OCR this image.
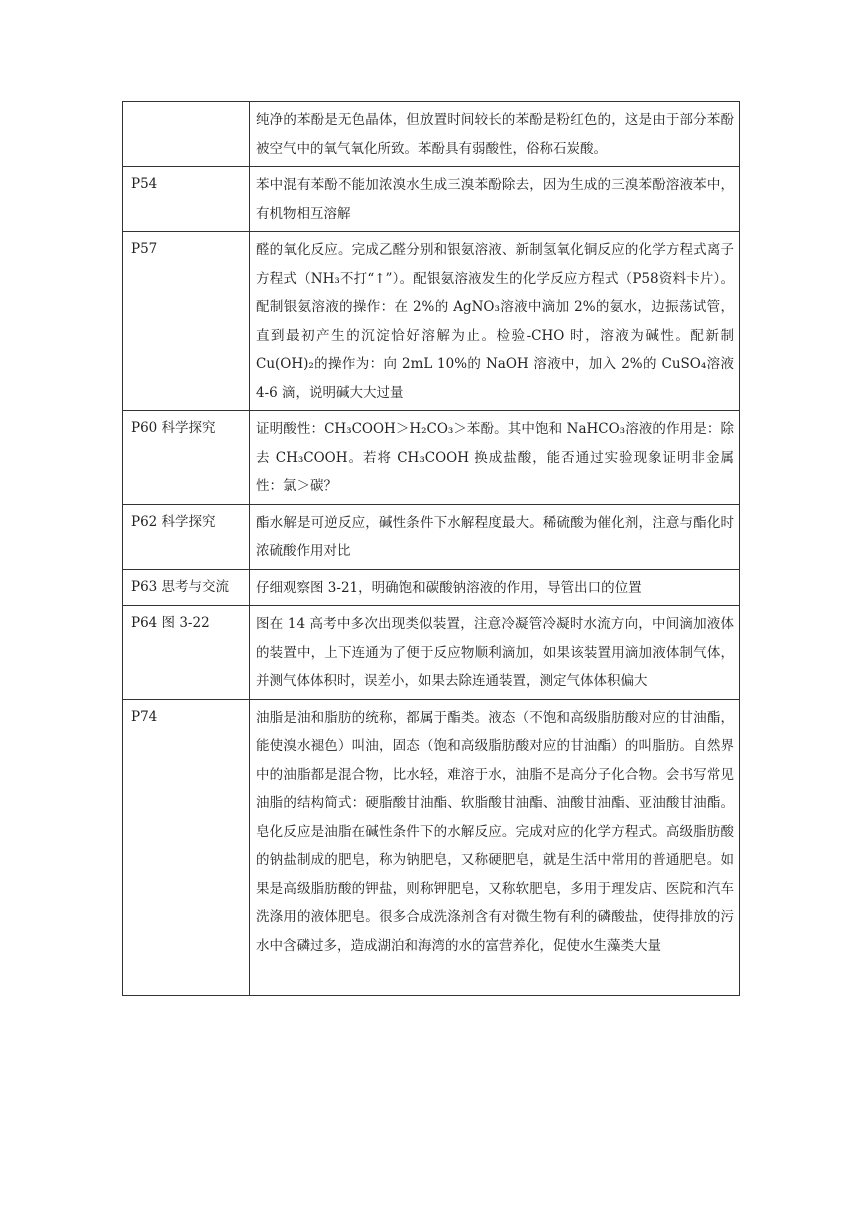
	纯净的苯酚是无色晶体，但放置时间较长的苯酚是粉红色的，这是由于部分苯酚被空气中的氧气氧化所致。苯酚具有弱酸性，俗称石炭酸。

P54	苯中混有苯酚不能加浓溴水生成三溴苯酚除去，因为生成的三溴苯酚溶液苯中，有机物相互溶解

P57	醛的氧化反应。完成乙醛分别和银氨溶液、新制氢氧化铜反应的化学方程式离子方程式（NH₃不打“↑”）。配银氨溶液发生的化学反应方程式（P58资料卡片）。配制银氨溶液的操作：在 2%的 AgNO₃溶液中滴加 2%的氨水，边振荡试管，直到最初产生的沉淀恰好溶解为止。检验-CHO 时，溶液为碱性。配新制 Cu(OH)₂的操作为：向 2mL 10%的 NaOH 溶液中，加入 2%的 CuSO₄溶液 4-6 滴，说明碱大大过量

P60 科学探究	证明酸性：CH₃COOH＞H₂CO₃＞苯酚。其中饱和 NaHCO₃溶液的作用是：除去 CH₃COOH。若将 CH₃COOH 换成盐酸，能否通过实验现象证明非金属性：氯＞碳？

P62 科学探究	酯水解是可逆反应，碱性条件下水解程度最大。稀硫酸为催化剂，注意与酯化时浓硫酸作用对比

P63 思考与交流	仔细观察图 3-21，明确饱和碳酸钠溶液的作用，导管出口的位置

P64 图 3-22	图在 14 高考中多次出现类似装置，注意冷凝管冷凝时水流方向，中间滴加液体的装置中，上下连通为了便于反应物顺利滴加，如果该装置用滴加液体制气体，并测气体体积时，误差小，如果去除连通装置，测定气体体积偏大

P74	油脂是油和脂肪的统称，都属于酯类。液态（不饱和高级脂肪酸对应的甘油酯，能使溴水褪色）叫油，固态（饱和高级脂肪酸对应的甘油酯）的叫脂肪。自然界中的油脂都是混合物，比水轻，难溶于水，油脂不是高分子化合物。会书写常见油脂的结构简式：硬脂酸甘油酯、软脂酸甘油酯、油酸甘油酯、亚油酸甘油酯。皂化反应是油脂在碱性条件下的水解反应。完成对应的化学方程式。高级脂肪酸的钠盐制成的肥皂，称为钠肥皂，又称硬肥皂，就是生活中常用的普通肥皂。如果是高级脂肪酸的钾盐，则称钾肥皂，又称软肥皂，多用于理发店、医院和汽车洗涤用的液体肥皂。很多合成洗涤剂含有对微生物有利的磷酸盐，使得排放的污水中含磷过多，造成湖泊和海湾的水的富营养化，促使水生藻类大量
